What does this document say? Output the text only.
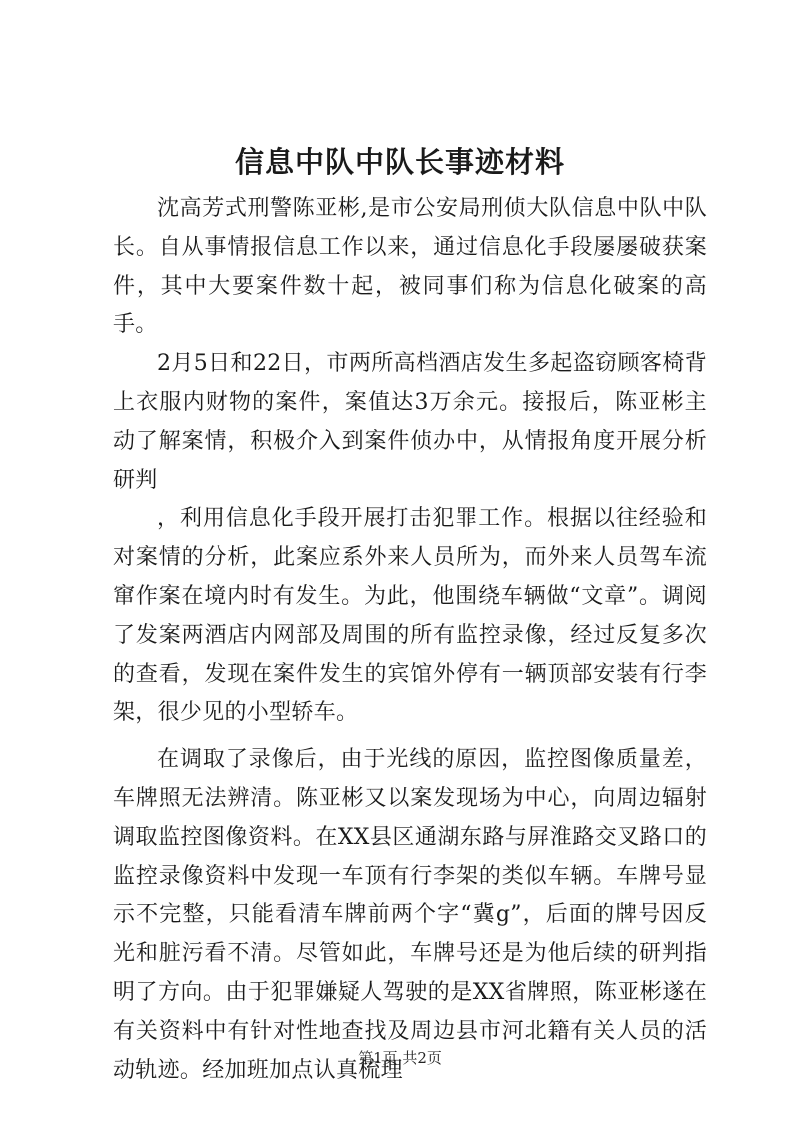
信息中队中队长事迹材料

沈高芳式刑警陈亚彬,是市公安局刑侦大队信息中队中队长。自从事情报信息工作以来，通过信息化手段屡屡破获案件，其中大要案件数十起，被同事们称为信息化破案的高手。

2月5日和22日，市两所高档酒店发生多起盗窃顾客椅背上衣服内财物的案件，案值达3万余元。接报后，陈亚彬主动了解案情，积极介入到案件侦办中，从情报角度开展分析研判

，利用信息化手段开展打击犯罪工作。根据以往经验和对案情的分析，此案应系外来人员所为，而外来人员驾车流窜作案在境内时有发生。为此，他围绕车辆做“文章”。调阅了发案两酒店内网部及周围的所有监控录像，经过反复多次的查看，发现在案件发生的宾馆外停有一辆顶部安装有行李架，很少见的小型轿车。

在调取了录像后，由于光线的原因，监控图像质量差，车牌照无法辨清。陈亚彬又以案发现场为中心，向周边辐射调取监控图像资料。在XX县区通湖东路与屏淮路交叉路口的监控录像资料中发现一车顶有行李架的类似车辆。车牌号显示不完整，只能看清车牌前两个字“冀g”，后面的牌号因反光和脏污看不清。尽管如此，车牌号还是为他后续的研判指明了方向。由于犯罪嫌疑人驾驶的是XX省牌照，陈亚彬遂在有关资料中有针对性地查找及周边县市河北籍有关人员的活动轨迹。经加班加点认真梳理

第1页 共2页
